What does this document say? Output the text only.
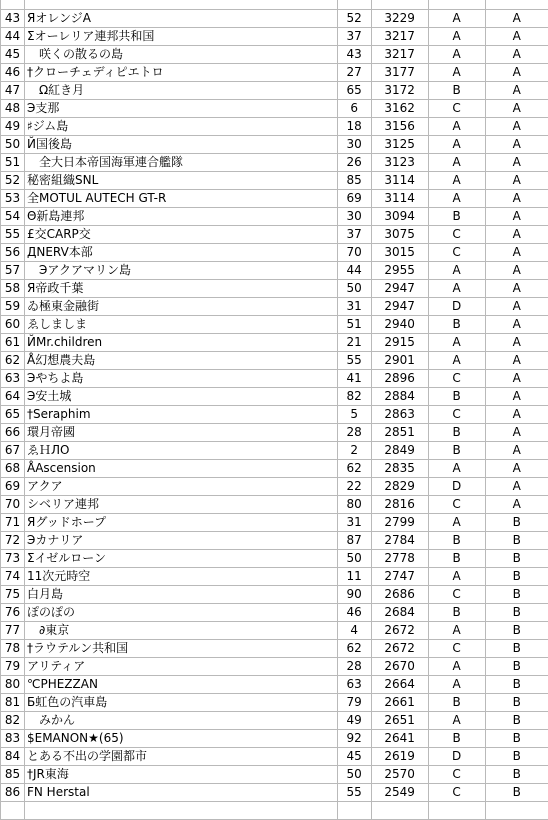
43	ЯオレンジΑ	52	3229	A	A
44	Σオーレリア連邦共和国	37	3217	A	A
45	　咲くの散るの島	43	3217	A	A
46	†クローチェディピエトロ	27	3177	A	A
47	　Ω紅き月	65	3172	B	A
48	Э支那	6	3162	C	A
49	♯ジム島	18	3156	A	A
50	Й国後島	30	3125	A	A
51	　全大日本帝国海軍連合艦隊	26	3123	A	A
52	秘密組織SNL	85	3114	A	A
53	全MOTUL AUTECH GT-R	69	3114	A	A
54	Θ新島連邦	30	3094	B	A
55	£交CARP交	37	3075	C	A
56	ДNERV本部	70	3015	C	A
57	　Эアクアマリン島	44	2955	A	A
58	Я帝政千葉	50	2947	A	A
59	ゐ極東金融街	31	2947	D	A
60	ゑしましま	51	2940	B	A
61	ЙMr.children	21	2915	A	A
62	Å幻想農夫島	55	2901	A	A
63	Эやちよ島	41	2896	C	A
64	Э安土城	82	2884	B	A
65	†Seraphim	5	2863	C	A
66	環月帝國	28	2851	B	A
67	ゑＨЛО	2	2849	B	A
68	ÅAscension	62	2835	A	A
69	アクア	22	2829	D	A
70	シベリア連邦	80	2816	C	A
71	Яグッドホープ	31	2799	A	B
72	Эカナリア	87	2784	B	B
73	Σイゼルローン	50	2778	B	B
74	11次元時空	11	2747	A	B
75	白月島	90	2686	C	B
76	ぽのぽの	46	2684	B	B
77	　∂東京	4	2672	A	B
78	†ラウテルン共和国	62	2672	C	B
79	アリティア	28	2670	A	B
80	℃PHEZZAN	63	2664	A	B
81	Б虹色の汽車島	79	2661	B	B
82	　みかん	49	2651	A	B
83	$EMANON★(65)	92	2641	B	B
84	とある不出の学園都市	45	2619	D	B
85	†JR東海	50	2570	C	B
86	FN Herstal	55	2549	C	B
